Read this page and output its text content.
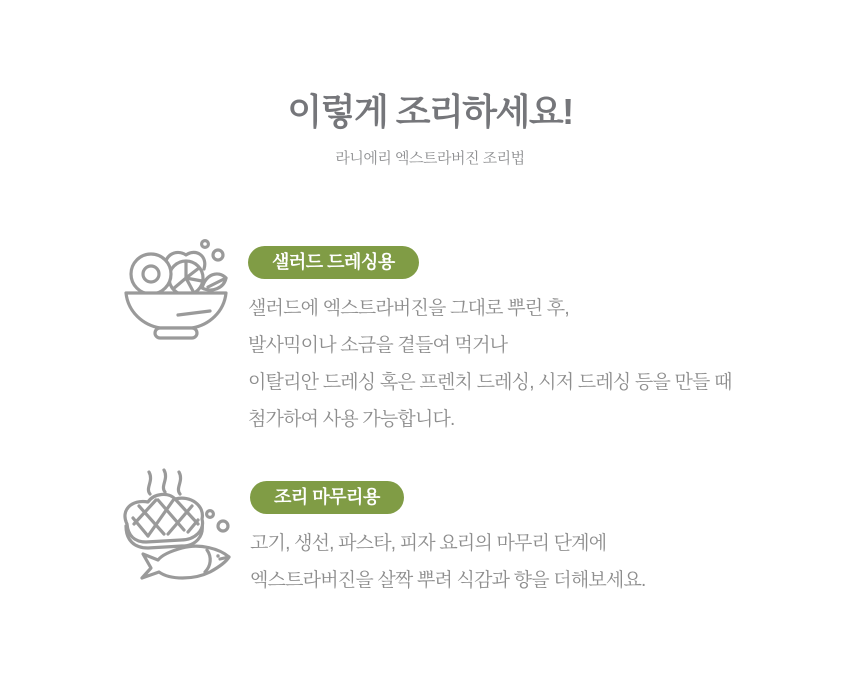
이렇게 조리하세요!

라니에리 엑스트라버진 조리법

샐러드 드레싱용

샐러드에 엑스트라버진을 그대로 뿌린 후,

발사믹이나 소금을 곁들여 먹거나

이탈리안 드레싱 혹은 프렌치 드레싱, 시저 드레싱 등을 만들 때

첨가하여 사용 가능합니다.

조리 마무리용

고기, 생선, 파스타, 피자 요리의 마무리 단계에

엑스트라버진을 살짝 뿌려 식감과 향을 더해보세요.
